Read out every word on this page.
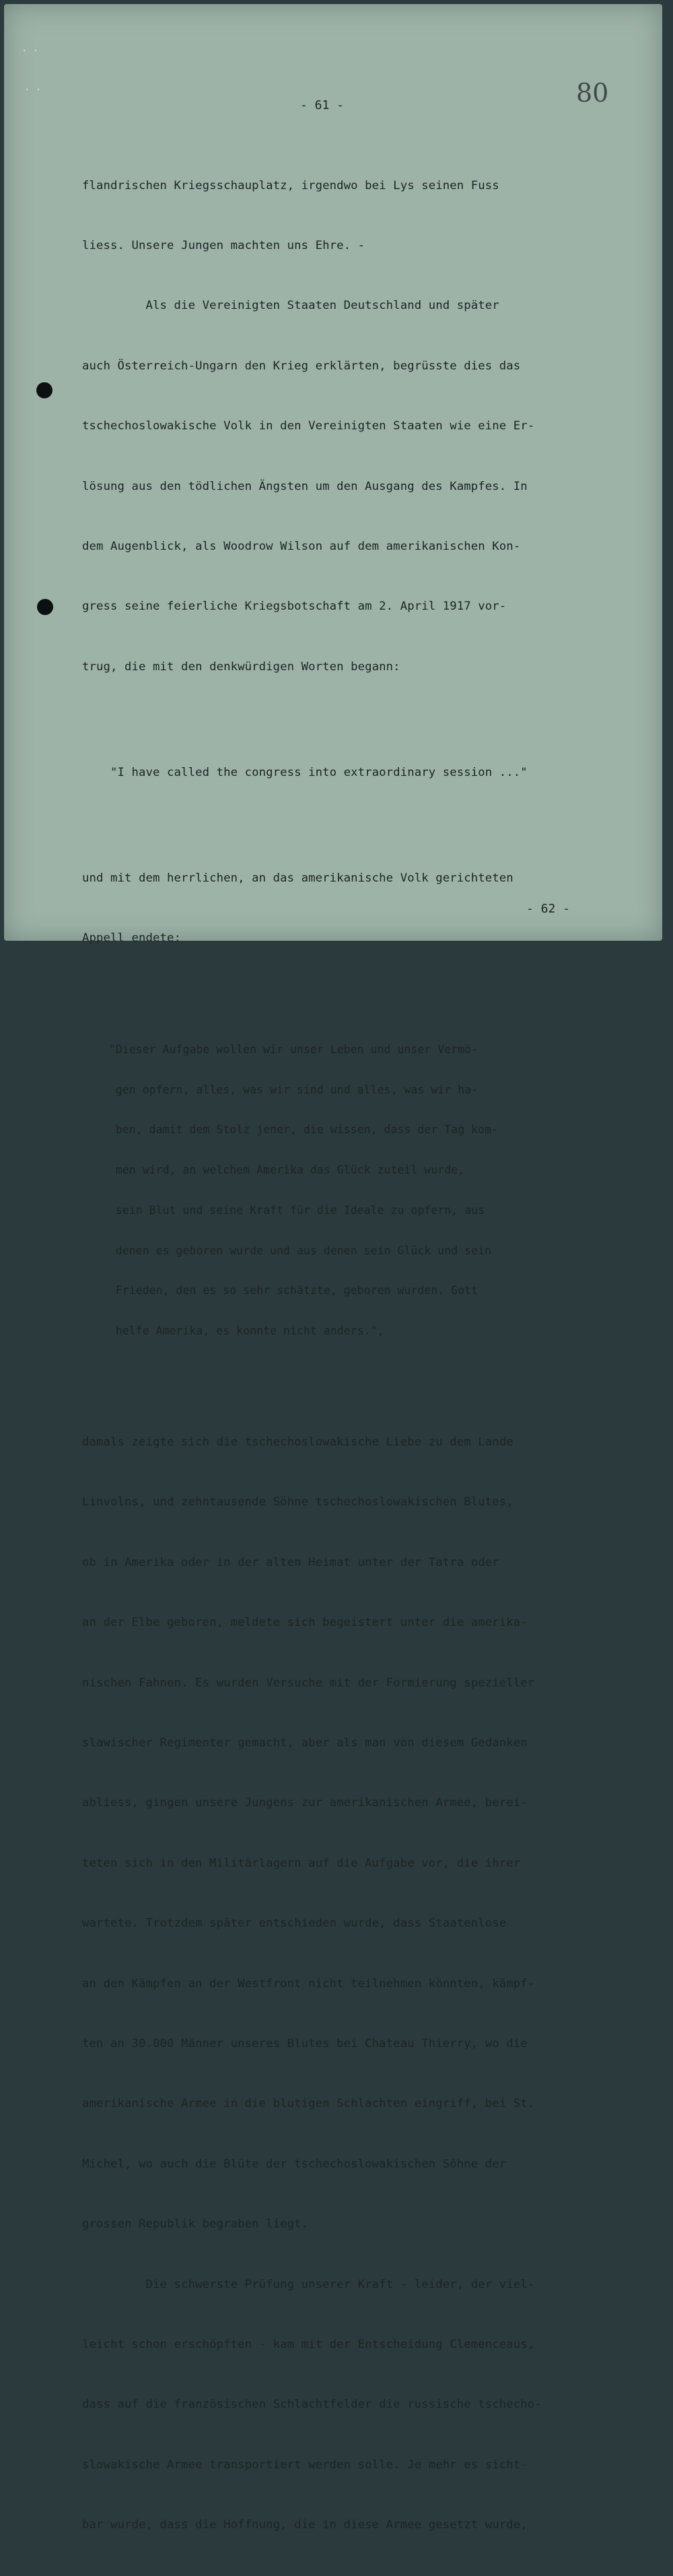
· ·
· ·
- 61 -	80

flandrischen Kriegsschauplatz, irgendwo bei Lys seinen Fuss

liess. Unsere Jungen machten uns Ehre. -

Als die Vereinigten Staaten Deutschland und später

auch Österreich-Ungarn den Krieg erklärten, begrüsste dies das

tschechoslowakische Volk in den Vereinigten Staaten wie eine Er-

lösung aus den tödlichen Ängsten um den Ausgang des Kampfes. In

dem Augenblick, als Woodrow Wilson auf dem amerikanischen Kon-

gress seine feierliche Kriegsbotschaft am 2. April 1917 vor-

trug, die mit den denkwürdigen Worten begann:

"I have called the congress into extraordinary session ..."

und mit dem herrlichen, an das amerikanische Volk gerichteten

Appell endete:

"Dieser Aufgabe wollen wir unser Leben und unser Vermö-

gen opfern, alles, was wir sind und alles, was wir ha-

ben, damit dem Stolz jener, die wissen, dass der Tag kom-

men wird, an welchem Amerika das Glück zuteil wurde,

sein Blut und seine Kraft für die Ideale zu opfern, aus

denen es geboren wurde und aus denen sein Glück und sein

Frieden, den es so sehr schätzte, geboren wurden. Gott

helfe Amerika, es konnte nicht anders.",

damals zeigte sich die tschechoslowakische Liebe zu dem Lande

Linvolns, und zehntausende Söhne tschechoslowakischen Blutes,

ob in Amerika oder in der alten Heimat unter der Tatra oder

an der Elbe geboren, meldete sich begeistert unter die amerika-

nischen Fahnen. Es wurden Versuche mit der Formierung spezieller

slawischer Regimenter gemacht, aber als man von diesem Gedanken

abliess, gingen unsere Jungens zur amerikanischen Armee, berei-

teten sich in den Militärlagern auf die Aufgabe vor, die ihrer

wartete. Trotzdem später entschieden wurde, dass Staatenlose

an den Kämpfen an der Westfront nicht teilnehmen könnten, kämpf-

ten an 30.000 Männer unseres Blutes bei Chateau Thierry, wo die

amerikanische Armee in die blutigen Schlachten eingriff, bei St.

Michel, wo auch die Blüte der tschechoslowakischen Söhne der

grossen Republik begraben liegt.

Die schwerste Prüfung unserer Kraft - leider, der viel-

leicht schon erschöpften - kam mit der Entscheidung Clemenceaus,

dass auf die französischen Schlachtfelder die russische tschecho-

slowakische Armee transportiert werden solle. Je mehr es sicht-

bar wurde, dass die Hoffnung, die in diese Armee gesetzt wurde,

- 62 -
